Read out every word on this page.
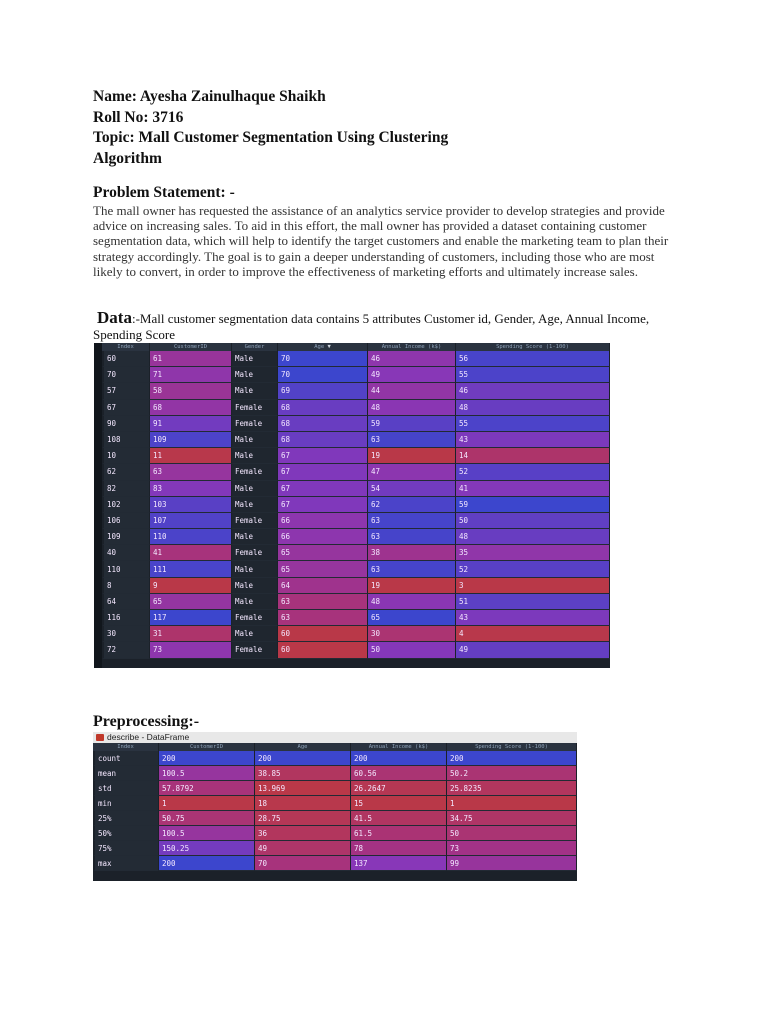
Name: Ayesha Zainulhaque Shaikh
Roll No: 3716
Topic: Mall Customer Segmentation Using Clustering
Algorithm
Problem Statement: -
The mall owner has requested the assistance of an analytics service provider to develop strategies and provide advice on increasing sales. To aid in this effort, the mall owner has provided a dataset containing customer segmentation data, which will help to identify the target customers and enable the marketing team to plan their strategy accordingly. The goal is to gain a deeper understanding of customers, including those who are most likely to convert, in order to improve the effectiveness of marketing efforts and ultimately increase sales.
Data:-Mall customer segmentation data contains 5 attributes Customer id, Gender, Age, Annual Income, Spending Score
Index	CustomerID	Gender	Age ▼	Annual Income (k$)	Spending Score (1-100)
60	61	Male	70	46	56
70	71	Male	70	49	55
57	58	Male	69	44	46
67	68	Female	68	48	48
90	91	Female	68	59	55
108	109	Male	68	63	43
10	11	Male	67	19	14
62	63	Female	67	47	52
82	83	Male	67	54	41
102	103	Male	67	62	59
106	107	Female	66	63	50
109	110	Male	66	63	48
40	41	Female	65	38	35
110	111	Male	65	63	52
8	9	Male	64	19	3
64	65	Male	63	48	51
116	117	Female	63	65	43
30	31	Male	60	30	4
72	73	Female	60	50	49
Preprocessing:-
describe - DataFrame
Index	CustomerID	Age	Annual Income (k$)	Spending Score (1-100)
count	200	200	200	200
mean	100.5	38.85	60.56	50.2
std	57.8792	13.969	26.2647	25.8235
min	1	18	15	1
25%	50.75	28.75	41.5	34.75
50%	100.5	36	61.5	50
75%	150.25	49	78	73
max	200	70	137	99
